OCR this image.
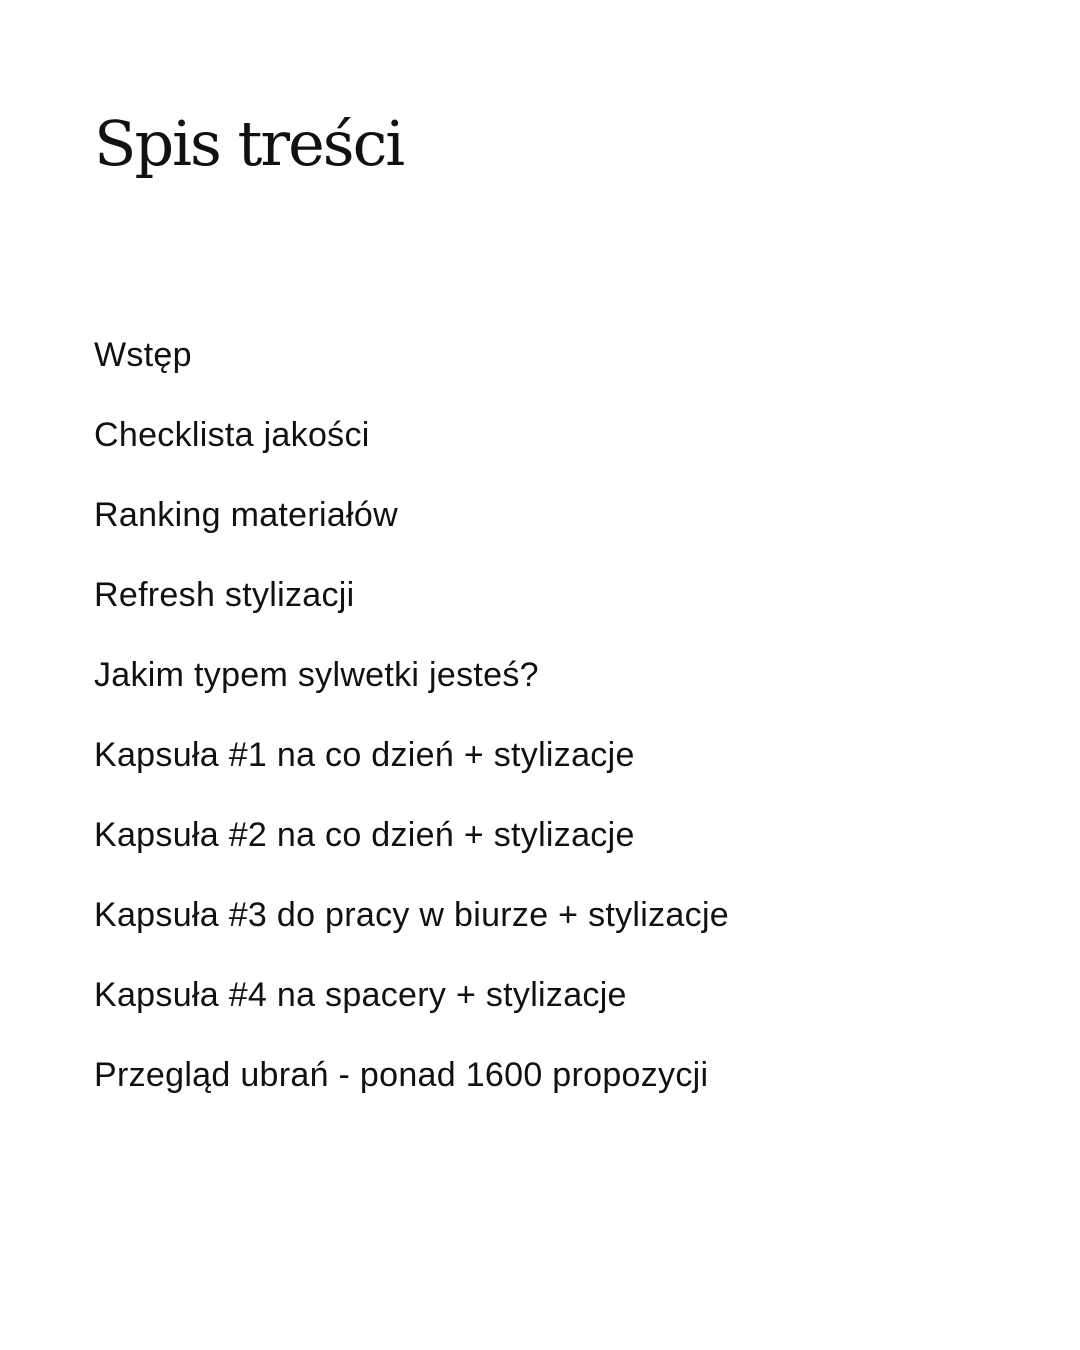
Spis treści
Wstęp
Checklista jakości
Ranking materiałów
Refresh stylizacji
Jakim typem sylwetki jesteś?
Kapsuła #1 na co dzień + stylizacje
Kapsuła #2 na co dzień + stylizacje
Kapsuła #3 do pracy w biurze + stylizacje
Kapsuła #4 na spacery + stylizacje
Przegląd ubrań - ponad 1600 propozycji
